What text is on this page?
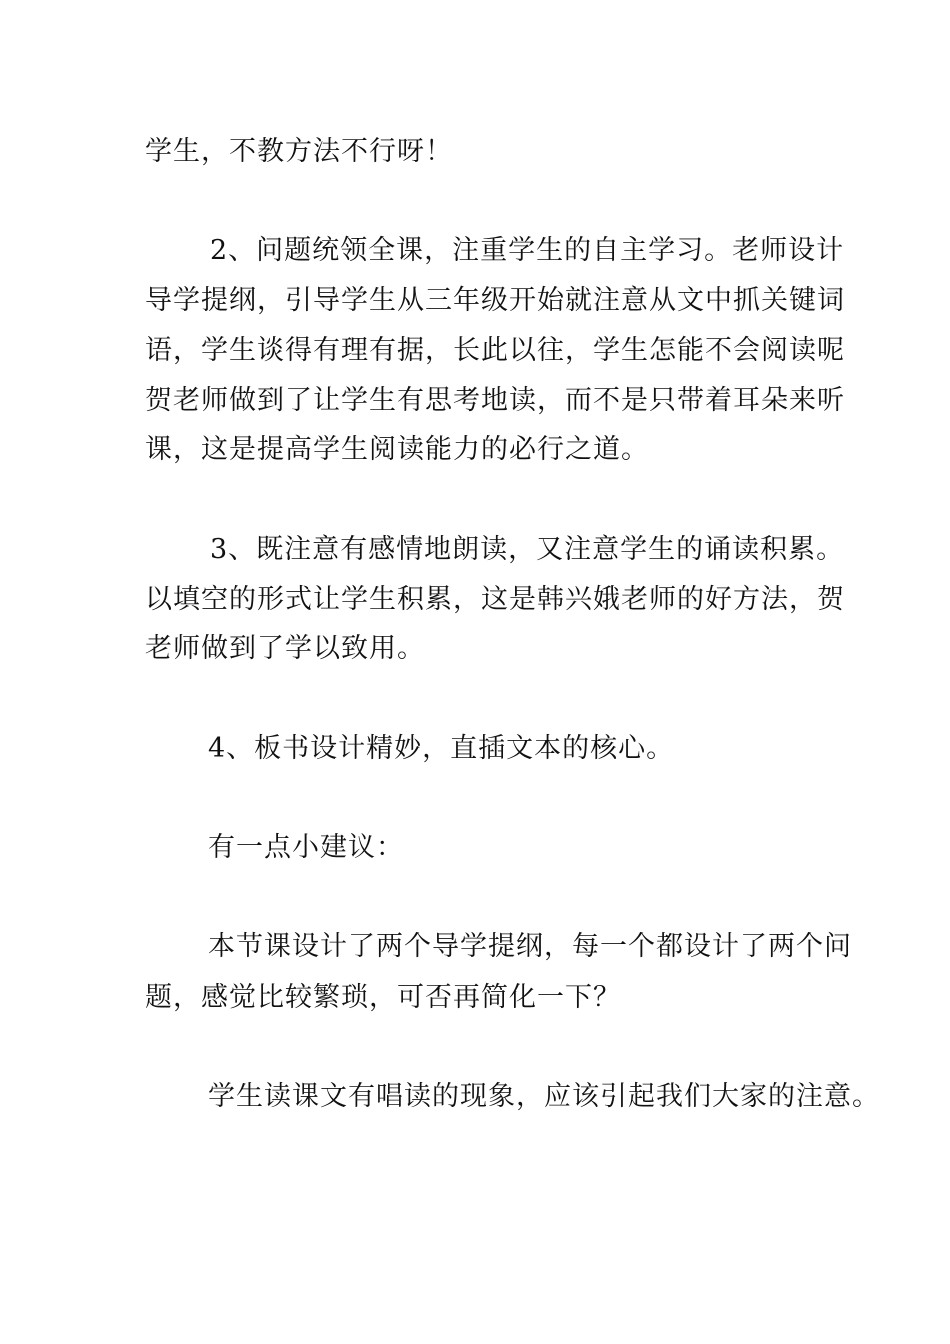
学生，不教方法不行呀！
2、问题统领全课，注重学生的自主学习。老师设计
导学提纲，引导学生从三年级开始就注意从文中抓关键词
语，学生谈得有理有据，长此以往，学生怎能不会阅读呢
贺老师做到了让学生有思考地读，而不是只带着耳朵来听
课，这是提高学生阅读能力的必行之道。
3、既注意有感情地朗读，又注意学生的诵读积累。
以填空的形式让学生积累，这是韩兴娥老师的好方法，贺
老师做到了学以致用。
4、板书设计精妙，直插文本的核心。
有一点小建议：
本节课设计了两个导学提纲，每一个都设计了两个问
题，感觉比较繁琐，可否再简化一下？
学生读课文有唱读的现象，应该引起我们大家的注意。
